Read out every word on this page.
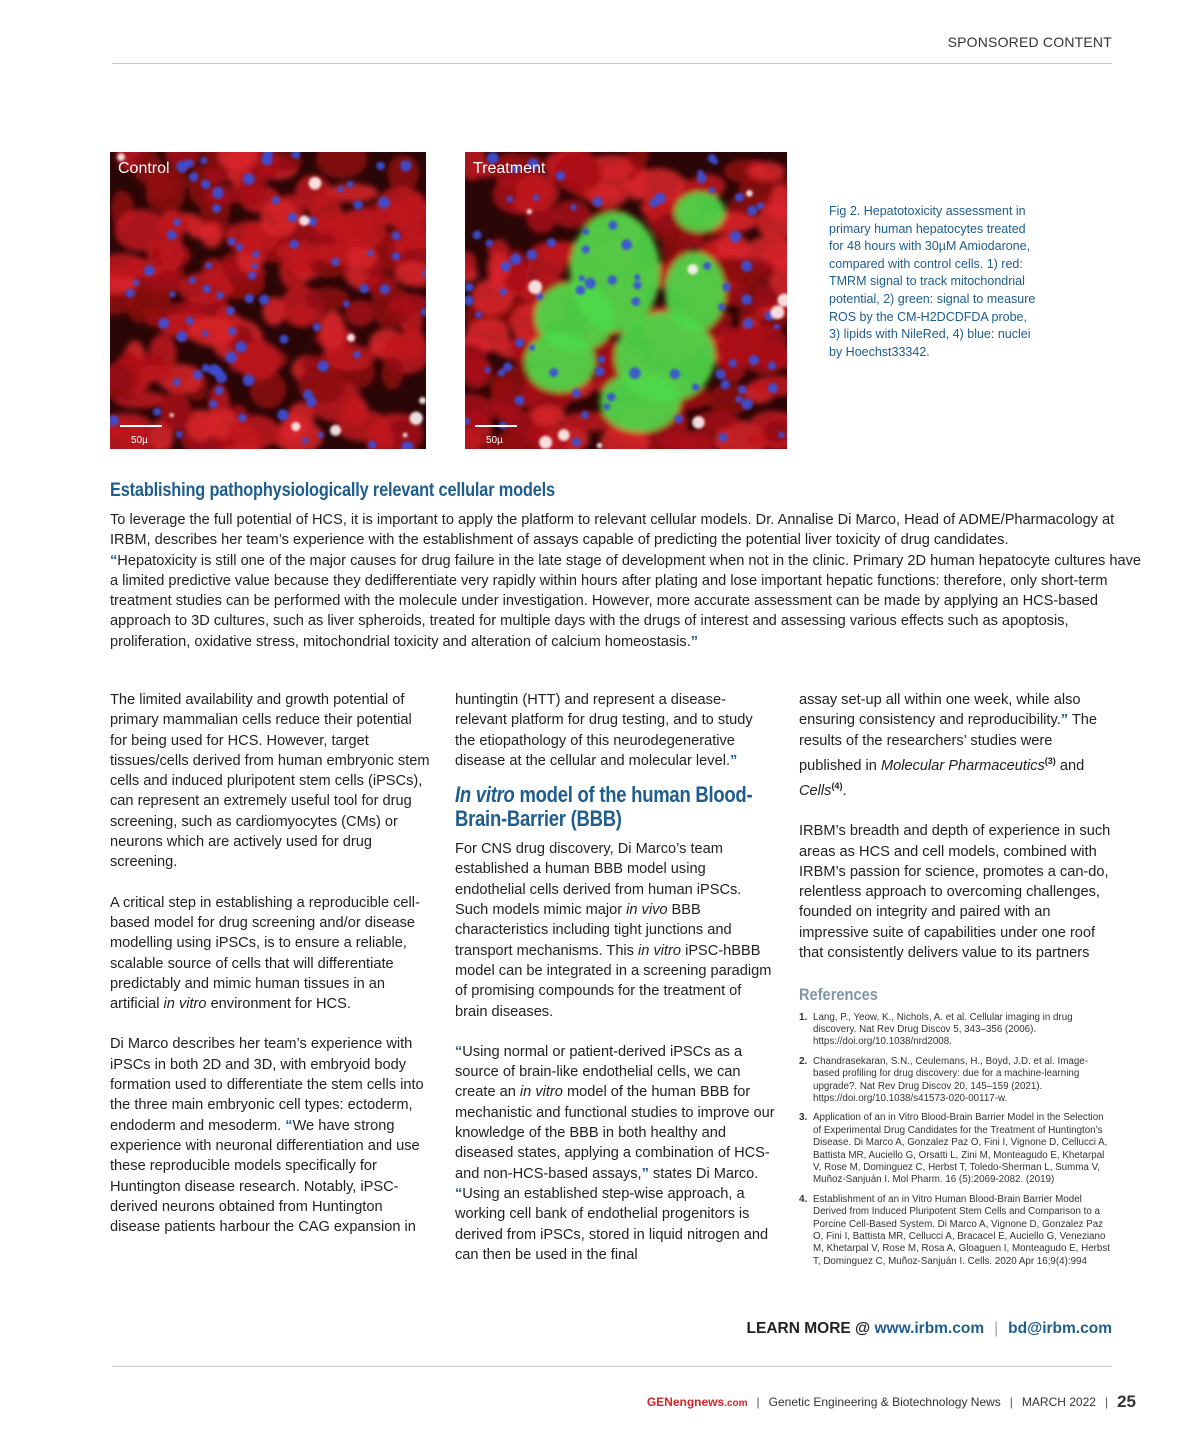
SPONSORED CONTENT
Control
50µ
Treatment
50µ
Fig 2. Hepatotoxicity assessment in primary human hepatocytes treated for 48 hours with 30µM Amiodarone, compared with control cells. 1) red: TMRM signal to track mitochondrial potential, 2) green: signal to measure ROS by the CM-H2DCDFDA probe, 3) lipids with NileRed, 4) blue: nuclei by Hoechst33342.
Establishing pathophysiologically relevant cellular models
To leverage the full potential of HCS, it is important to apply the platform to relevant cellular models. Dr. Annalise Di Marco, Head of ADME/Pharmacology at IRBM, describes her team’s experience with the establishment of assays capable of predicting the potential liver toxicity of drug candidates.
“Hepatoxicity is still one of the major causes for drug failure in the late stage of development when not in the clinic. Primary 2D human hepatocyte cultures have a limited predictive value because they dedifferentiate very rapidly within hours after plating and lose important hepatic functions: therefore, only short-term treatment studies can be performed with the molecule under investigation. However, more accurate assessment can be made by applying an HCS-based approach to 3D cultures, such as liver spheroids, treated for multiple days with the drugs of interest and assessing various effects such as apoptosis, proliferation, oxidative stress, mitochondrial toxicity and alteration of calcium homeostasis.”

The limited availability and growth potential of primary mammalian cells reduce their potential for being used for HCS. However, target tissues/cells derived from human embryonic stem cells and induced pluripotent stem cells (iPSCs), can represent an extremely useful tool for drug screening, such as cardiomyocytes (CMs) or neurons which are actively used for drug screening.

A critical step in establishing a reproducible cell-based model for drug screening and/or disease modelling using iPSCs, is to ensure a reliable, scalable source of cells that will differentiate predictably and mimic human tissues in an artificial in vitro environment for HCS.

Di Marco describes her team’s experience with iPSCs in both 2D and 3D, with embryoid body formation used to differentiate the stem cells into the three main embryonic cell types: ectoderm, endoderm and mesoderm. “We have strong experience with neuronal differentiation and use these reproducible models specifically for Huntington disease research. Notably, iPSC-derived neurons obtained from Huntington disease patients harbour the CAG expansion in

huntingtin (HTT) and represent a disease-relevant platform for drug testing, and to study the etiopathology of this neurodegenerative disease at the cellular and molecular level.”

In vitro model of the human Blood-Brain-Barrier (BBB)

For CNS drug discovery, Di Marco’s team established a human BBB model using endothelial cells derived from human iPSCs. Such models mimic major in vivo BBB characteristics including tight junctions and transport mechanisms. This in vitro iPSC-hBBB model can be integrated in a screening paradigm of promising compounds for the treatment of brain diseases.

“Using normal or patient-derived iPSCs as a source of brain-like endothelial cells, we can create an in vitro model of the human BBB for mechanistic and functional studies to improve our knowledge of the BBB in both healthy and diseased states, applying a combination of HCS- and non-HCS-based assays,” states Di Marco. “Using an established step-wise approach, a working cell bank of endothelial progenitors is derived from iPSCs, stored in liquid nitrogen and can then be used in the final

assay set-up all within one week, while also ensuring consistency and reproducibility.” The results of the researchers’ studies were published in Molecular Pharmaceutics$^{(3)}$ and Cells$^{(4)}$.

IRBM’s breadth and depth of experience in such areas as HCS and cell models, combined with IRBM’s passion for science, promotes a can-do, relentless approach to overcoming challenges, founded on integrity and paired with an impressive suite of capabilities under one roof that consistently delivers value to its partners

References
1. Lang, P., Yeow, K., Nichols, A. et al. Cellular imaging in drug discovery. Nat Rev Drug Discov 5, 343–356 (2006). https://doi.org/10.1038/nrd2008.
2. Chandrasekaran, S.N., Ceulemans, H., Boyd, J.D. et al. Image-based profiling for drug discovery: due for a machine-learning upgrade?. Nat Rev Drug Discov 20, 145–159 (2021). https://doi.org/10.1038/s41573-020-00117-w.
3. Application of an in Vitro Blood-Brain Barrier Model in the Selection of Experimental Drug Candidates for the Treatment of Huntington’s Disease. Di Marco A, Gonzalez Paz O, Fini I, Vignone D, Cellucci A, Battista MR, Auciello G, Orsatti L, Zini M, Monteagudo E, Khetarpal V, Rose M, Dominguez C, Herbst T, Toledo-Sherman L, Summa V, Muñoz-Sanjuán I. Mol Pharm. 16 (5):2069-2082. (2019)
4. Establishment of an in Vitro Human Blood-Brain Barrier Model Derived from Induced Pluripotent Stem Cells and Comparison to a Porcine Cell-Based System. Di Marco A, Vignone D, Gonzalez Paz O, Fini I, Battista MR, Cellucci A, Bracacel E, Auciello G, Veneziano M, Khetarpal V, Rose M, Rosa A, Gloaguen I, Monteagudo E, Herbst T, Dominguez C, Muñoz-Sanjuán I. Cells. 2020 Apr 16;9(4):994
LEARN MORE @ www.irbm.com | bd@irbm.com
GENengnews.com | Genetic Engineering & Biotechnology News | MARCH 2022 | 25
